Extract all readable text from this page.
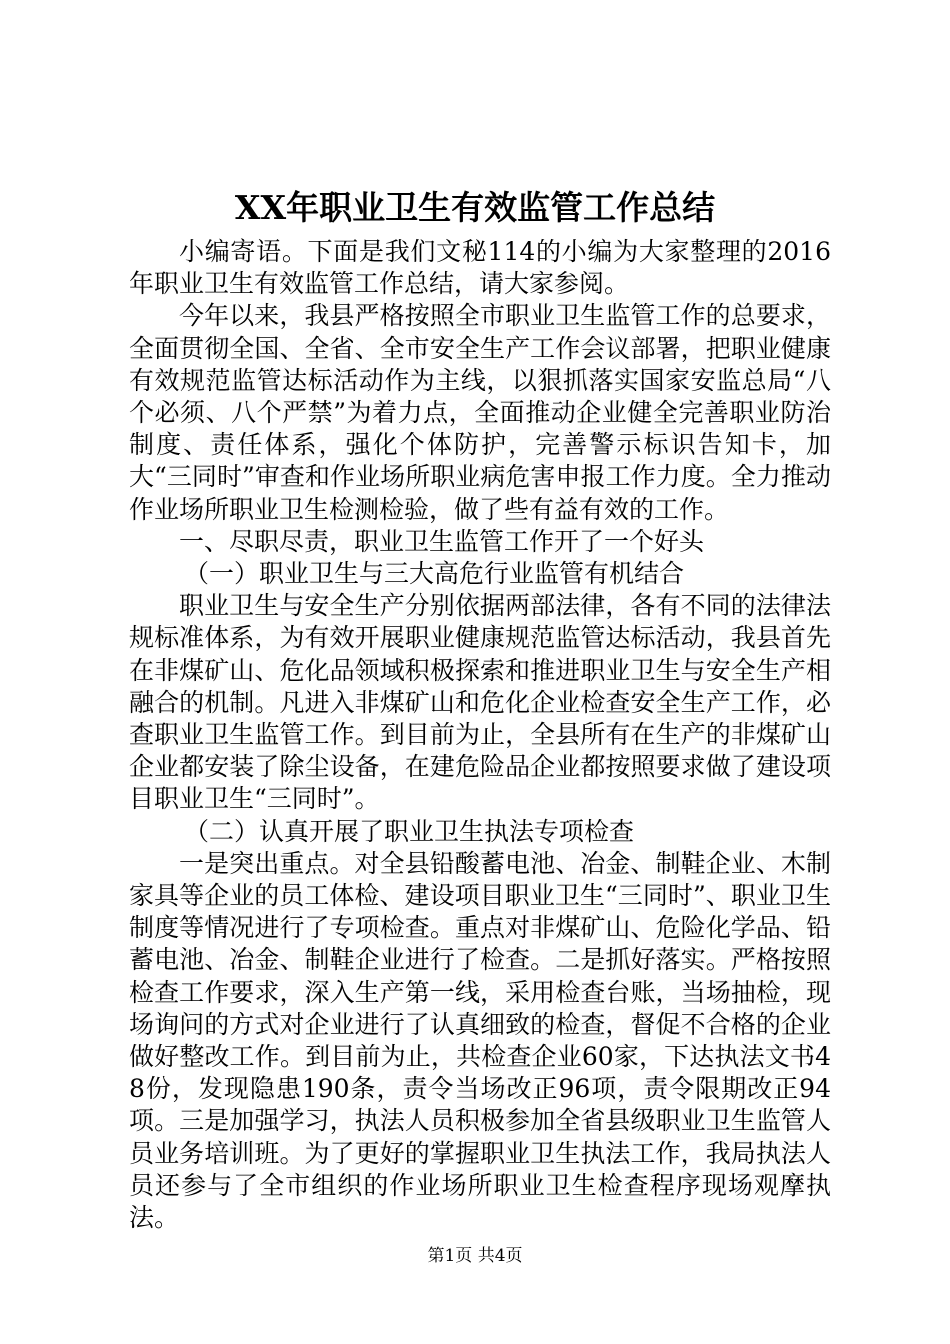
XX年职业卫生有效监管工作总结

小编寄语。下面是我们文秘114的小编为大家整理的2016年职业卫生有效监管工作总结，请大家参阅。

今年以来，我县严格按照全市职业卫生监管工作的总要求，全面贯彻全国、全省、全市安全生产工作会议部署，把职业健康有效规范监管达标活动作为主线，以狠抓落实国家安监总局“八个必须、八个严禁”为着力点，全面推动企业健全完善职业防治制度、责任体系，强化个体防护，完善警示标识告知卡，加大“三同时”审查和作业场所职业病危害申报工作力度。全力推动作业场所职业卫生检测检验，做了些有益有效的工作。

一、尽职尽责，职业卫生监管工作开了一个好头

（一）职业卫生与三大高危行业监管有机结合

职业卫生与安全生产分别依据两部法律，各有不同的法律法规标准体系，为有效开展职业健康规范监管达标活动，我县首先在非煤矿山、危化品领域积极探索和推进职业卫生与安全生产相融合的机制。凡进入非煤矿山和危化企业检查安全生产工作，必查职业卫生监管工作。到目前为止，全县所有在生产的非煤矿山企业都安装了除尘设备，在建危险品企业都按照要求做了建设项目职业卫生“三同时”。

（二）认真开展了职业卫生执法专项检查

一是突出重点。对全县铅酸蓄电池、冶金、制鞋企业、木制家具等企业的员工体检、建设项目职业卫生“三同时”、职业卫生制度等情况进行了专项检查。重点对非煤矿山、危险化学品、铅蓄电池、冶金、制鞋企业进行了检查。二是抓好落实。严格按照检查工作要求，深入生产第一线，采用检查台账，当场抽检，现场询问的方式对企业进行了认真细致的检查，督促不合格的企业做好整改工作。到目前为止，共检查企业60家，下达执法文书48份，发现隐患190条，责令当场改正96项，责令限期改正94项。三是加强学习，执法人员积极参加全省县级职业卫生监管人员业务培训班。为了更好的掌握职业卫生执法工作，我局执法人员还参与了全市组织的作业场所职业卫生检查程序现场观摩执法。

第1页 共4页
